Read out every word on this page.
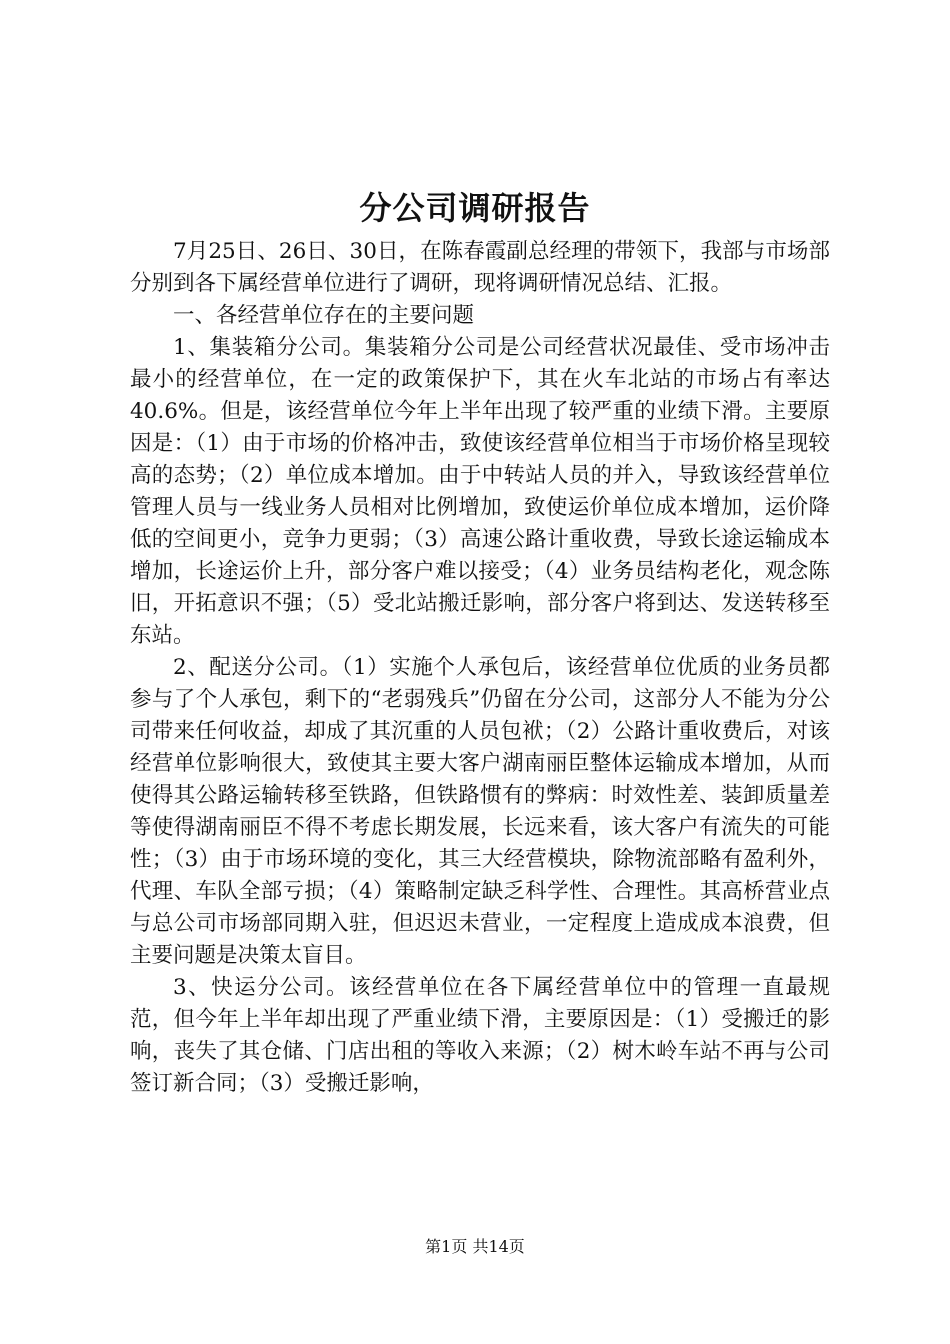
分公司调研报告

7月25日、26日、30日，在陈春霞副总经理的带领下，我部与市场部分别到各下属经营单位进行了调研，现将调研情况总结、汇报。

一、各经营单位存在的主要问题

1、集装箱分公司。集装箱分公司是公司经营状况最佳、受市场冲击最小的经营单位，在一定的政策保护下，其在火车北站的市场占有率达40.6%。但是，该经营单位今年上半年出现了较严重的业绩下滑。主要原因是：（1）由于市场的价格冲击，致使该经营单位相当于市场价格呈现较高的态势；（2）单位成本增加。由于中转站人员的并入，导致该经营单位管理人员与一线业务人员相对比例增加，致使运价单位成本增加，运价降低的空间更小，竞争力更弱；（3）高速公路计重收费，导致长途运输成本增加，长途运价上升，部分客户难以接受；（4）业务员结构老化，观念陈旧，开拓意识不强；（5）受北站搬迁影响，部分客户将到达、发送转移至东站。

2、配送分公司。（1）实施个人承包后，该经营单位优质的业务员都参与了个人承包，剩下的“老弱残兵”仍留在分公司，这部分人不能为分公司带来任何收益，却成了其沉重的人员包袱；（2）公路计重收费后，对该经营单位影响很大，致使其主要大客户湖南丽臣整体运输成本增加，从而使得其公路运输转移至铁路，但铁路惯有的弊病：时效性差、装卸质量差等使得湖南丽臣不得不考虑长期发展，长远来看，该大客户有流失的可能性；（3）由于市场环境的变化，其三大经营模块，除物流部略有盈利外，代理、车队全部亏损；（4）策略制定缺乏科学性、合理性。其高桥营业点与总公司市场部同期入驻，但迟迟未营业，一定程度上造成成本浪费，但主要问题是决策太盲目。

3、快运分公司。该经营单位在各下属经营单位中的管理一直最规范，但今年上半年却出现了严重业绩下滑，主要原因是：（1）受搬迁的影响，丧失了其仓储、门店出租的等收入来源；（2）树木岭车站不再与公司签订新合同；（3）受搬迁影响，

第1页 共14页
